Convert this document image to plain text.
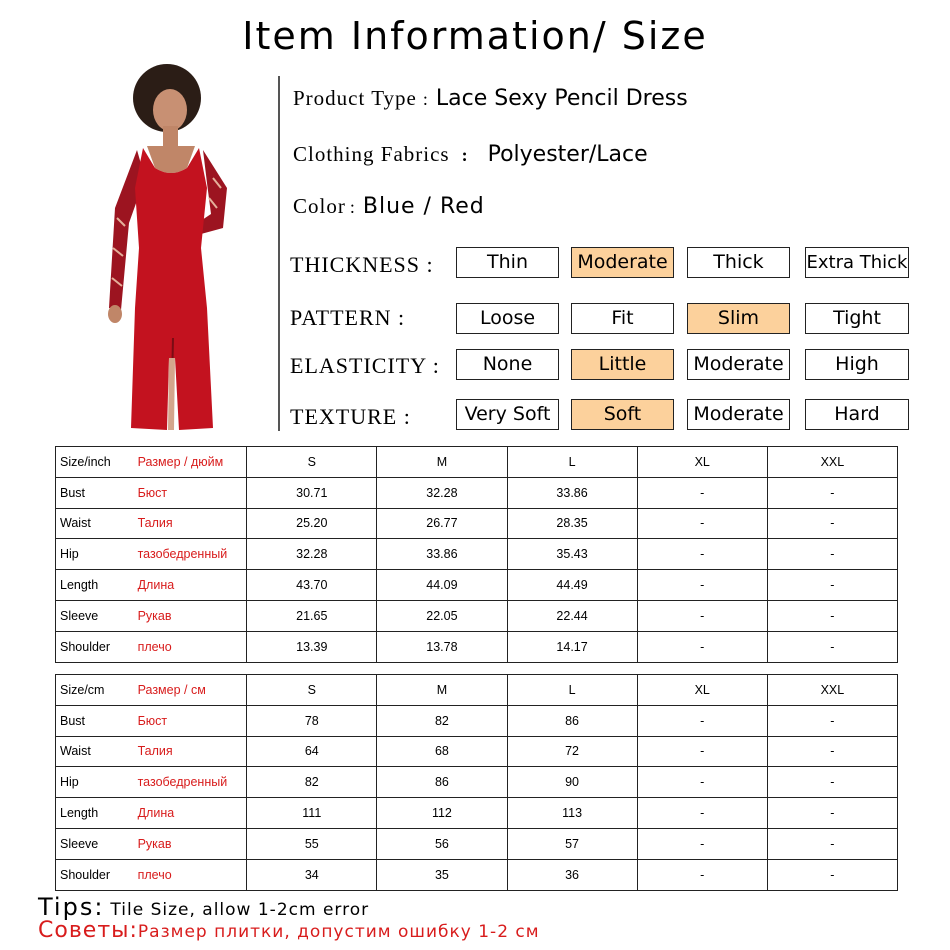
Item Information/ Size
Product Type : Lace Sexy Pencil Dress
Clothing Fabrics : Polyester/Lace
Color : Blue / Red
THICKNESS :	Thin	Moderate	Thick	Extra Thick
PATTERN :	Loose	Fit	Slim	Tight
ELASTICITY :	None	Little	Moderate	High
TEXTURE :	Very Soft	Soft	Moderate	Hard
Size/inch	Размер / дюйм	S	M	L	XL	XXL
Bust	Бюст	30.71	32.28	33.86	-	-
Waist	Талия	25.20	26.77	28.35	-	-
Hip	тазобедренный	32.28	33.86	35.43	-	-
Length	Длина	43.70	44.09	44.49	-	-
Sleeve	Рукав	21.65	22.05	22.44	-	-
Shoulder	плечо	13.39	13.78	14.17	-	-
Size/cm	Размер / см	S	M	L	XL	XXL
Bust	Бюст	78	82	86	-	-
Waist	Талия	64	68	72	-	-
Hip	тазобедренный	82	86	90	-	-
Length	Длина	111	112	113	-	-
Sleeve	Рукав	55	56	57	-	-
Shoulder	плечо	34	35	36	-	-
Tips: Tile Size, allow 1-2cm error
Советы:Размер плитки, допустим ошибку 1-2 см
